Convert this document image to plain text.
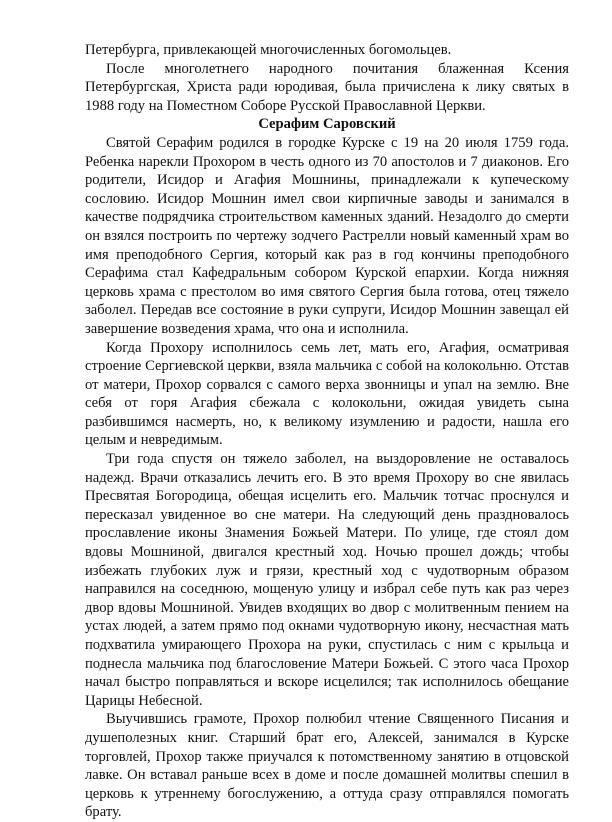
Петербурга, привлекающей многочисленных богомольцев.

После многолетнего народного почитания блаженная Ксения Петербургская, Христа ради юродивая, была причислена к лику святых в 1988 году на Поместном Соборе Русской Православной Церкви.

Серафим Саровский

Святой Серафим родился в городке Курске с 19 на 20 июля 1759 года. Ребенка нарекли Прохором в честь одного из 70 апостолов и 7 диаконов. Его родители, Исидор и Агафия Мошнины, принадлежали к купеческому сословию. Исидор Мошнин имел свои кирпичные заводы и занимался в качестве подрядчика строительством каменных зданий. Незадолго до смерти он взялся построить по чертежу зодчего Растрелли новый каменный храм во имя преподобного Сергия, который как раз в год кончины преподобного Серафима стал Кафедральным собором Курской епархии. Когда нижняя церковь храма с престолом во имя святого Сергия была готова, отец тяжело заболел. Передав все состояние в руки супруги, Исидор Мошнин завещал ей завершение возведения храма, что она и исполнила.

Когда Прохору исполнилось семь лет, мать его, Агафия, осматривая строение Сергиевской церкви, взяла мальчика с собой на колокольню. Отстав от матери, Прохор сорвался с самого верха звонницы и упал на землю. Вне себя от горя Агафия сбежала с колокольни, ожидая увидеть сына разбившимся насмерть, но, к великому изумлению и радости, нашла его целым и невредимым.

Три года спустя он тяжело заболел, на выздоровление не оставалось надежд. Врачи отказались лечить его. В это время Прохору во сне явилась Пресвятая Богородица, обещая исцелить его. Мальчик тотчас проснулся и пересказал увиденное во сне матери. На следующий день праздновалось прославление иконы Знамения Божьей Матери. По улице, где стоял дом вдовы Мошниной, двигался крестный ход. Ночью прошел дождь; чтобы избежать глубоких луж и грязи, крестный ход с чудотворным образом направился на соседнюю, мощеную улицу и избрал себе путь как раз через двор вдовы Мошниной. Увидев входящих во двор с молитвенным пением на устах людей, а затем прямо под окнами чудотворную икону, несчастная мать подхватила умирающего Прохора на руки, спустилась с ним с крыльца и поднесла мальчика под благословение Матери Божьей. С этого часа Прохор начал быстро поправляться и вскоре исцелился; так исполнилось обещание Царицы Небесной.

Выучившись грамоте, Прохор полюбил чтение Священного Писания и душеполезных книг. Старший брат его, Алексей, занимался в Курске торговлей, Прохор также приучался к потомственному занятию в отцовской лавке. Он вставал раньше всех в доме и после домашней молитвы спешил в церковь к утреннему богослужению, а оттуда сразу отправлялся помогать брату.
